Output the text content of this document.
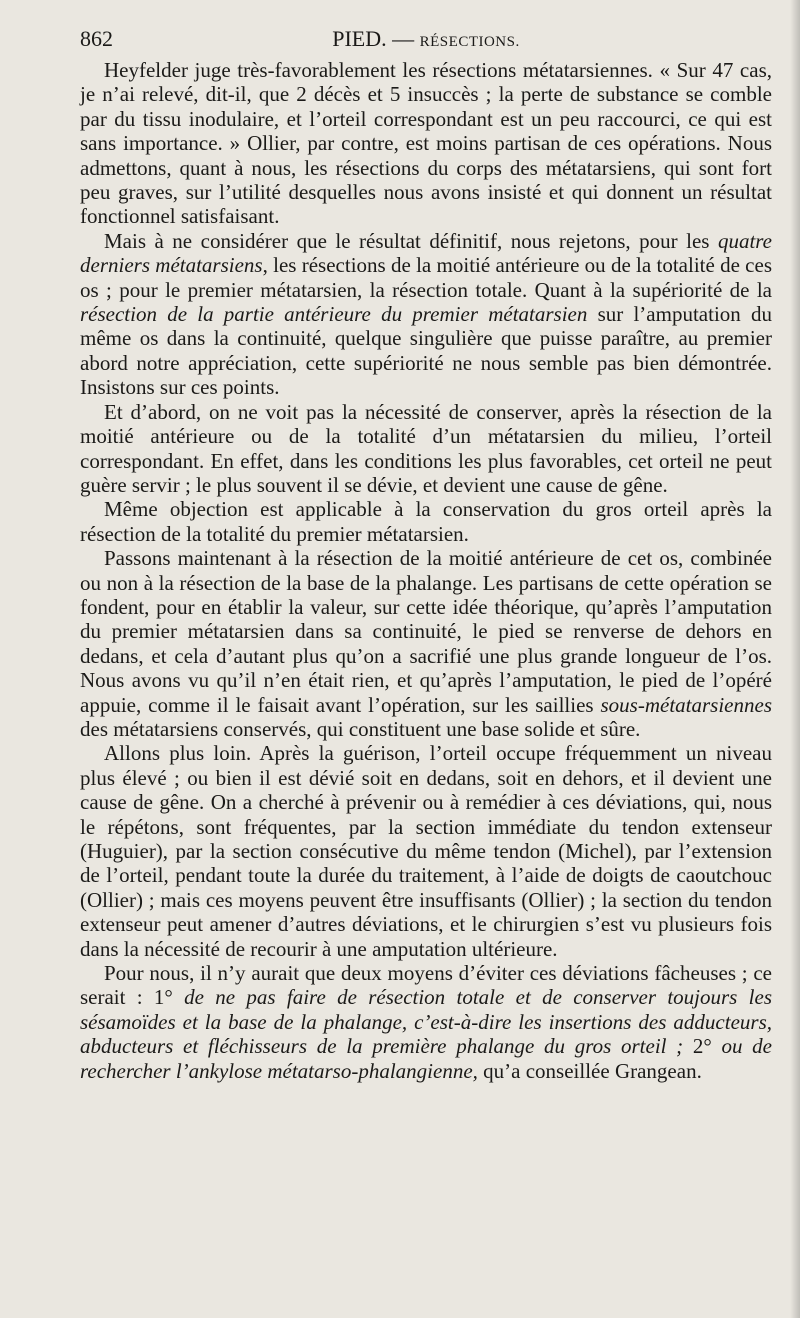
862	PIED. — RÉSECTIONS.

Heyfelder juge très-favorablement les résections métatarsiennes. « Sur 47 cas, je n’ai relevé, dit-il, que 2 décès et 5 insuccès ; la perte de substance se comble par du tissu inodulaire, et l’orteil correspondant est un peu raccourci, ce qui est sans importance. » Ollier, par contre, est moins partisan de ces opérations. Nous admettons, quant à nous, les résections du corps des métatarsiens, qui sont fort peu graves, sur l’utilité desquelles nous avons insisté et qui donnent un résultat fonctionnel satisfaisant.

Mais à ne considérer que le résultat définitif, nous rejetons, pour les quatre derniers métatarsiens, les résections de la moitié antérieure ou de la totalité de ces os ; pour le premier métatarsien, la résection totale. Quant à la supériorité de la résection de la partie antérieure du premier métatarsien sur l’amputation du même os dans la continuité, quelque singulière que puisse paraître, au premier abord notre appréciation, cette supériorité ne nous semble pas bien démontrée. Insistons sur ces points.

Et d’abord, on ne voit pas la nécessité de conserver, après la résection de la moitié antérieure ou de la totalité d’un métatarsien du milieu, l’orteil correspondant. En effet, dans les conditions les plus favorables, cet orteil ne peut guère servir ; le plus souvent il se dévie, et devient une cause de gêne.

Même objection est applicable à la conservation du gros orteil après la résection de la totalité du premier métatarsien.

Passons maintenant à la résection de la moitié antérieure de cet os, combinée ou non à la résection de la base de la phalange. Les partisans de cette opération se fondent, pour en établir la valeur, sur cette idée théorique, qu’après l’amputation du premier métatarsien dans sa continuité, le pied se renverse de dehors en dedans, et cela d’autant plus qu’on a sacrifié une plus grande longueur de l’os. Nous avons vu qu’il n’en était rien, et qu’après l’amputation, le pied de l’opéré appuie, comme il le faisait avant l’opération, sur les saillies sous-métatarsiennes des métatarsiens conservés, qui constituent une base solide et sûre.

Allons plus loin. Après la guérison, l’orteil occupe fréquemment un niveau plus élevé ; ou bien il est dévié soit en dedans, soit en dehors, et il devient une cause de gêne. On a cherché à prévenir ou à remédier à ces déviations, qui, nous le répétons, sont fréquentes, par la section immédiate du tendon extenseur (Huguier), par la section consécutive du même tendon (Michel), par l’extension de l’orteil, pendant toute la durée du traitement, à l’aide de doigts de caoutchouc (Ollier) ; mais ces moyens peuvent être insuffisants (Ollier) ; la section du tendon extenseur peut amener d’autres déviations, et le chirurgien s’est vu plusieurs fois dans la nécessité de recourir à une amputation ultérieure.

Pour nous, il n’y aurait que deux moyens d’éviter ces déviations fâcheuses ; ce serait : 1° de ne pas faire de résection totale et de conserver toujours les sésamoïdes et la base de la phalange, c’est-à-dire les insertions des adducteurs, abducteurs et fléchisseurs de la première phalange du gros orteil ; 2° ou de rechercher l’ankylose métatarso-phalangienne, qu’a conseillée Grangean.
